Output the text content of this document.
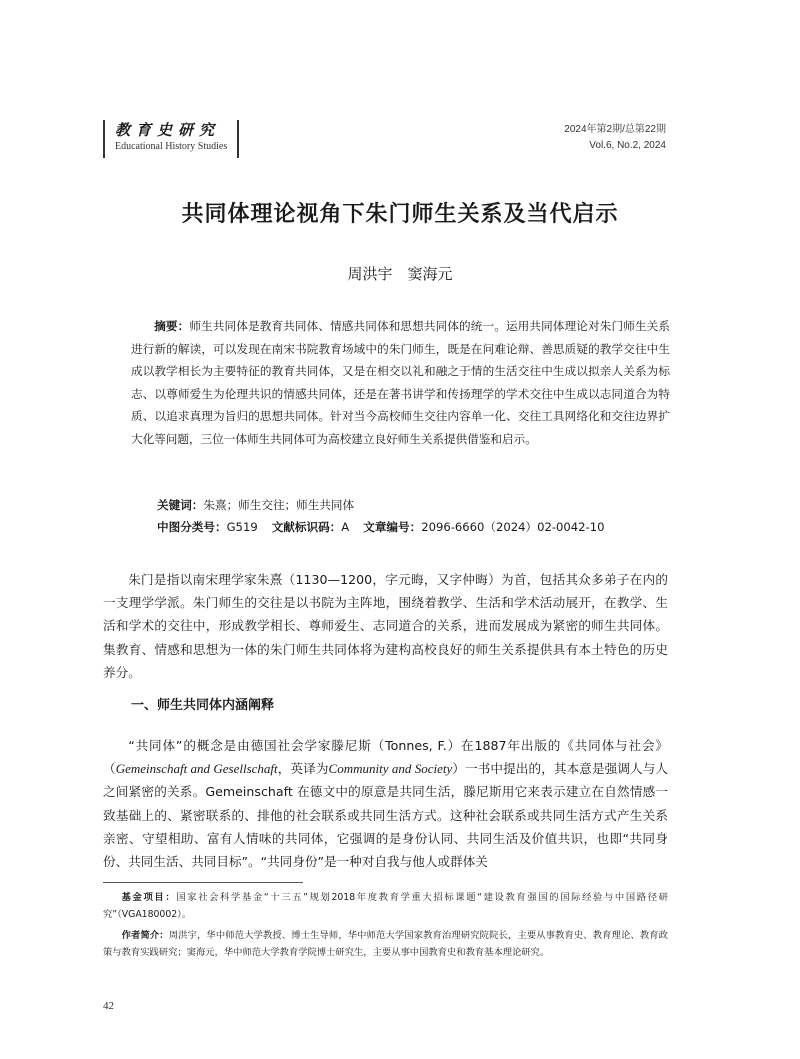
教育史研究
Educational History Studies
2024年第2期/总第22期
Vol.6, No.2, 2024
共同体理论视角下朱门师生关系及当代启示
周洪宇　窦海元

摘要：师生共同体是教育共同体、情感共同体和思想共同体的统一。运用共同体理论对朱门师生关系进行新的解读，可以发现在南宋书院教育场域中的朱门师生，既是在问难论辩、善思质疑的教学交往中生成以教学相长为主要特征的教育共同体，又是在相交以礼和融之于情的生活交往中生成以拟亲人关系为标志、以尊师爱生为伦理共识的情感共同体，还是在著书讲学和传扬理学的学术交往中生成以志同道合为特质、以追求真理为旨归的思想共同体。针对当今高校师生交往内容单一化、交往工具网络化和交往边界扩大化等问题，三位一体师生共同体可为高校建立良好师生关系提供借鉴和启示。

关键词：朱熹；师生交往；师生共同体
中图分类号：G519 文献标识码：A 文章编号：2096-6660（2024）02-0042-10

朱门是指以南宋理学家朱熹（1130—1200，字元晦，又字仲晦）为首，包括其众多弟子在内的一支理学学派。朱门师生的交往是以书院为主阵地，围绕着教学、生活和学术活动展开，在教学、生活和学术的交往中，形成教学相长、尊师爱生、志同道合的关系，进而发展成为紧密的师生共同体。集教育、情感和思想为一体的朱门师生共同体将为建构高校良好的师生关系提供具有本土特色的历史养分。

一、师生共同体内涵阐释

“共同体”的概念是由德国社会学家滕尼斯（Tonnes, F.）在1887年出版的《共同体与社会》（Gemeinschaft and Gesellschaft，英译为Community and Society）一书中提出的，其本意是强调人与人之间紧密的关系。Gemeinschaft 在德文中的原意是共同生活，滕尼斯用它来表示建立在自然情感一致基础上的、紧密联系的、排他的社会联系或共同生活方式。这种社会联系或共同生活方式产生关系亲密、守望相助、富有人情味的共同体，它强调的是身份认同、共同生活及价值共识，也即“共同身份、共同生活、共同目标”。“共同身份”是一种对自我与他人或群体关

基金项目：国家社会科学基金“十三五”规划2018年度教育学重大招标课题“建设教育强国的国际经验与中国路径研究”（VGA180002）。
作者简介：周洪宇，华中师范大学教授、博士生导师，华中师范大学国家教育治理研究院院长，主要从事教育史、教育理论、教育政策与教育实践研究；窦海元，华中师范大学教育学院博士研究生，主要从事中国教育史和教育基本理论研究。
42
